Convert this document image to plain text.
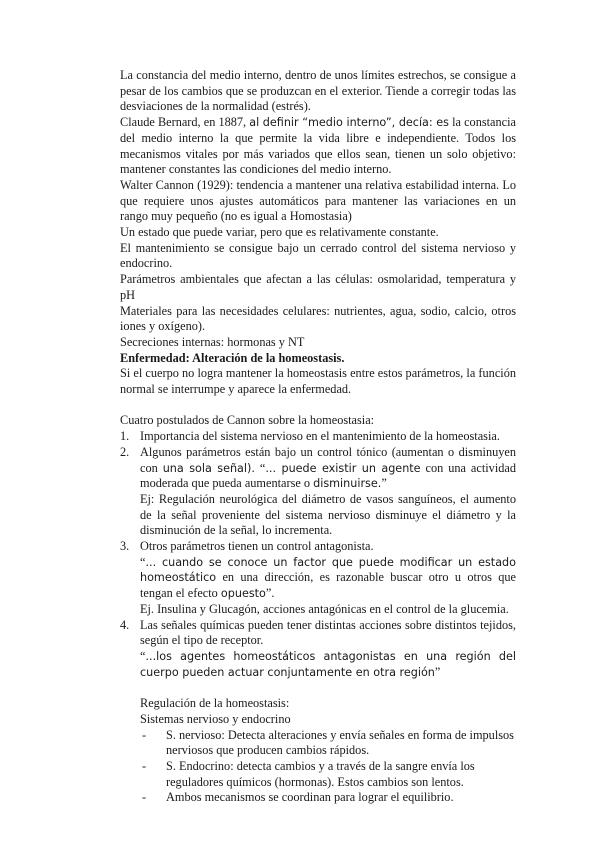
La constancia del medio interno, dentro de unos límites estrechos, se consigue a pesar de los cambios que se produzcan en el exterior. Tiende a corregir todas las desviaciones de la normalidad (estrés).

Claude Bernard, en 1887, al definir “medio interno”, decía: es la constancia del medio interno la que permite la vida libre e independiente. Todos los mecanismos vitales por más variados que ellos sean, tienen un solo objetivo: mantener constantes las condiciones del medio interno.

Walter Cannon (1929): tendencia a mantener una relativa estabilidad interna. Lo que requiere unos ajustes automáticos para mantener las variaciones en un rango muy pequeño (no es igual a Homostasia)

Un estado que puede variar, pero que es relativamente constante.

El mantenimiento se consigue bajo un cerrado control del sistema nervioso y endocrino.

Parámetros ambientales que afectan a las células: osmolaridad, temperatura y pH

Materiales para las necesidades celulares: nutrientes, agua, sodio, calcio, otros iones y oxígeno).

Secreciones internas: hormonas y NT

Enfermedad: Alteración de la homeostasis.

Si el cuerpo no logra mantener la homeostasis entre estos parámetros, la función normal se interrumpe y aparece la enfermedad.

Cuatro postulados de Cannon sobre la homeostasia:

1. Importancia del sistema nervioso en el mantenimiento de la homeostasia.
2. Algunos parámetros están bajo un control tónico (aumentan o disminuyen con una sola señal). “... puede existir un agente con una actividad moderada que pueda aumentarse o disminuirse.”

Ej: Regulación neurológica del diámetro de vasos sanguíneos, el aumento de la señal proveniente del sistema nervioso disminuye el diámetro y la disminución de la señal, lo incrementa.

3. Otros parámetros tienen un control antagonista.

“... cuando se conoce un factor que puede modificar un estado homeostático en una dirección, es razonable buscar otro u otros que tengan el efecto opuesto”.

Ej. Insulina y Glucagón, acciones antagónicas en el control de la glucemia.

4. Las señales químicas pueden tener distintas acciones sobre distintos tejidos, según el tipo de receptor.

“...los agentes homeostáticos antagonistas en una región del cuerpo pueden actuar conjuntamente en otra región”

Regulación de la homeostasis:

Sistemas nervioso y endocrino

- S. nervioso: Detecta alteraciones y envía señales en forma de impulsos nerviosos que producen cambios rápidos.
- S. Endocrino: detecta cambios y a través de la sangre envía los reguladores químicos (hormonas). Estos cambios son lentos.
- Ambos mecanismos se coordinan para lograr el equilibrio.
